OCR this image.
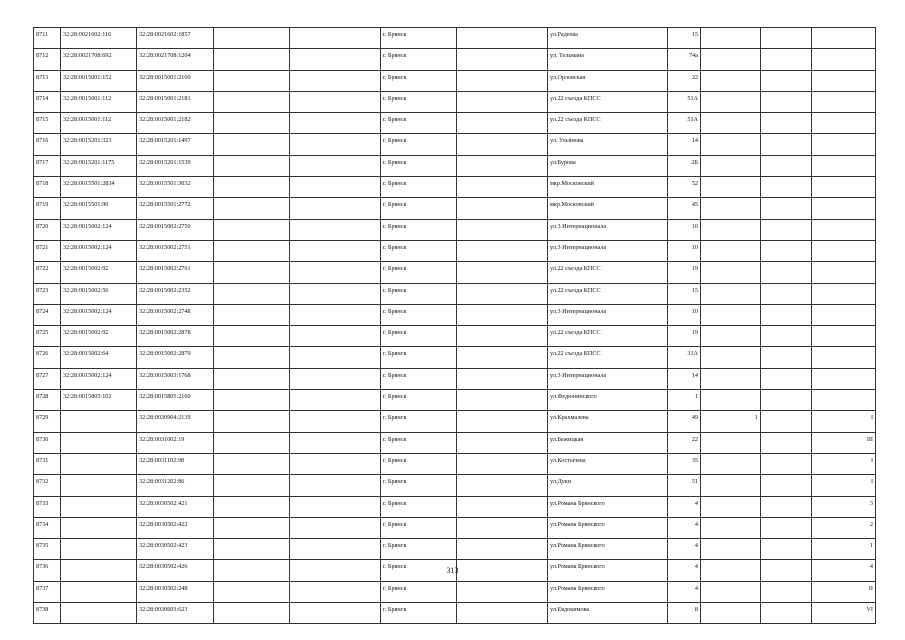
8711	32:28:0021602:116	32:28:0021602:1857			г. Брянск		ул.Радеева	15			
8712	32:28:0021708:692	32:28:0021708:1204			г. Брянск		ул. Тельмана	74а			
8713	32:28:0015001:152	32:28:0015001:2100			г. Брянск		ул.Орловская	22			
8714	32:28:0015001:112	32:28:0015001:2181			г. Брянск		ул.22 съезда КПСС	51А			
8715	32:28:0015001:112	32:28:0015001:2182			г. Брянск		ул.22 съезда КПСС	51А			
8716	32:28:0015201:323	32:28:0015201:1497			г. Брянск		ул. Ульянова	14			
8717	32:28:0015201:1175	32:28:0015201:1539			г. Брянск		ул.Бурова	2Б			
8718	32:28:0015501:2834	32:28:0015501:3032			г. Брянск		мкр.Московский	52			
8719	32:28:0015501:90	32:28:0015501:2772			г. Брянск		мкр.Московский	45			
8720	32:28:0015002:124	32:28:0015002:2750			г. Брянск		ул.3 Интернационала	10			
8721	32:28:0015002:124	32:28:0015002:2751			г. Брянск		ул.3 Интернационала	10			
8722	32:28:0015002:92	32:28:0015002:2761			г. Брянск		ул.22 съезда КПСС	19			
8723	32:28:0015002:56	32:28:0015002:2352			г. Брянск		ул.22 съезда КПСС	15			
8724	32:28:0015002:124	32:28:0015002:2748			г. Брянск		ул.3 Интернационала	10			
8725	32:28:0015002:92	32:28:0015002:2878			г. Брянск		ул.22 съезда КПСС	19			
8726	32:28:0015002:64	32:28:0015002:2879			г. Брянск		ул.22 съезда КПСС	31А			
8727	32:28:0015002:124	32:28:0015003:1768			г. Брянск		ул.3 Интернационала	14			
8728	32:28:0015805:102	32:28:0015805:2160			г. Брянск		ул.Федюнинского	1			
8729		32:28:0030904:2139			г. Брянск		ул.Крахмалева	49	1		I
8730		32:28:0031002:19			г. Брянск		ул.Бежицкая	22			III
8731		32:28:0031102:98			г. Брянск		ул.Костычева	35			I
8732		32:28:0031202:86			г. Брянск		ул.Дуки	51			I
8733		32:28:0030502:421			г. Брянск		ул.Романа Брянского	4			3
8734		32:28:0030502:422			г. Брянск		ул.Романа Брянского	4			2
8735		32:28:0030502:423			г. Брянск		ул.Романа Брянского	4			1
8736		32:28:0030502:426			г. Брянск		ул.Романа Брянского	4			4
8737		32:28:0030502:248			г. Брянск		ул.Романа Брянского	4			II
8738		32:28:0030603:623			г. Брянск		ул.Евдокимова	8			VI
313
